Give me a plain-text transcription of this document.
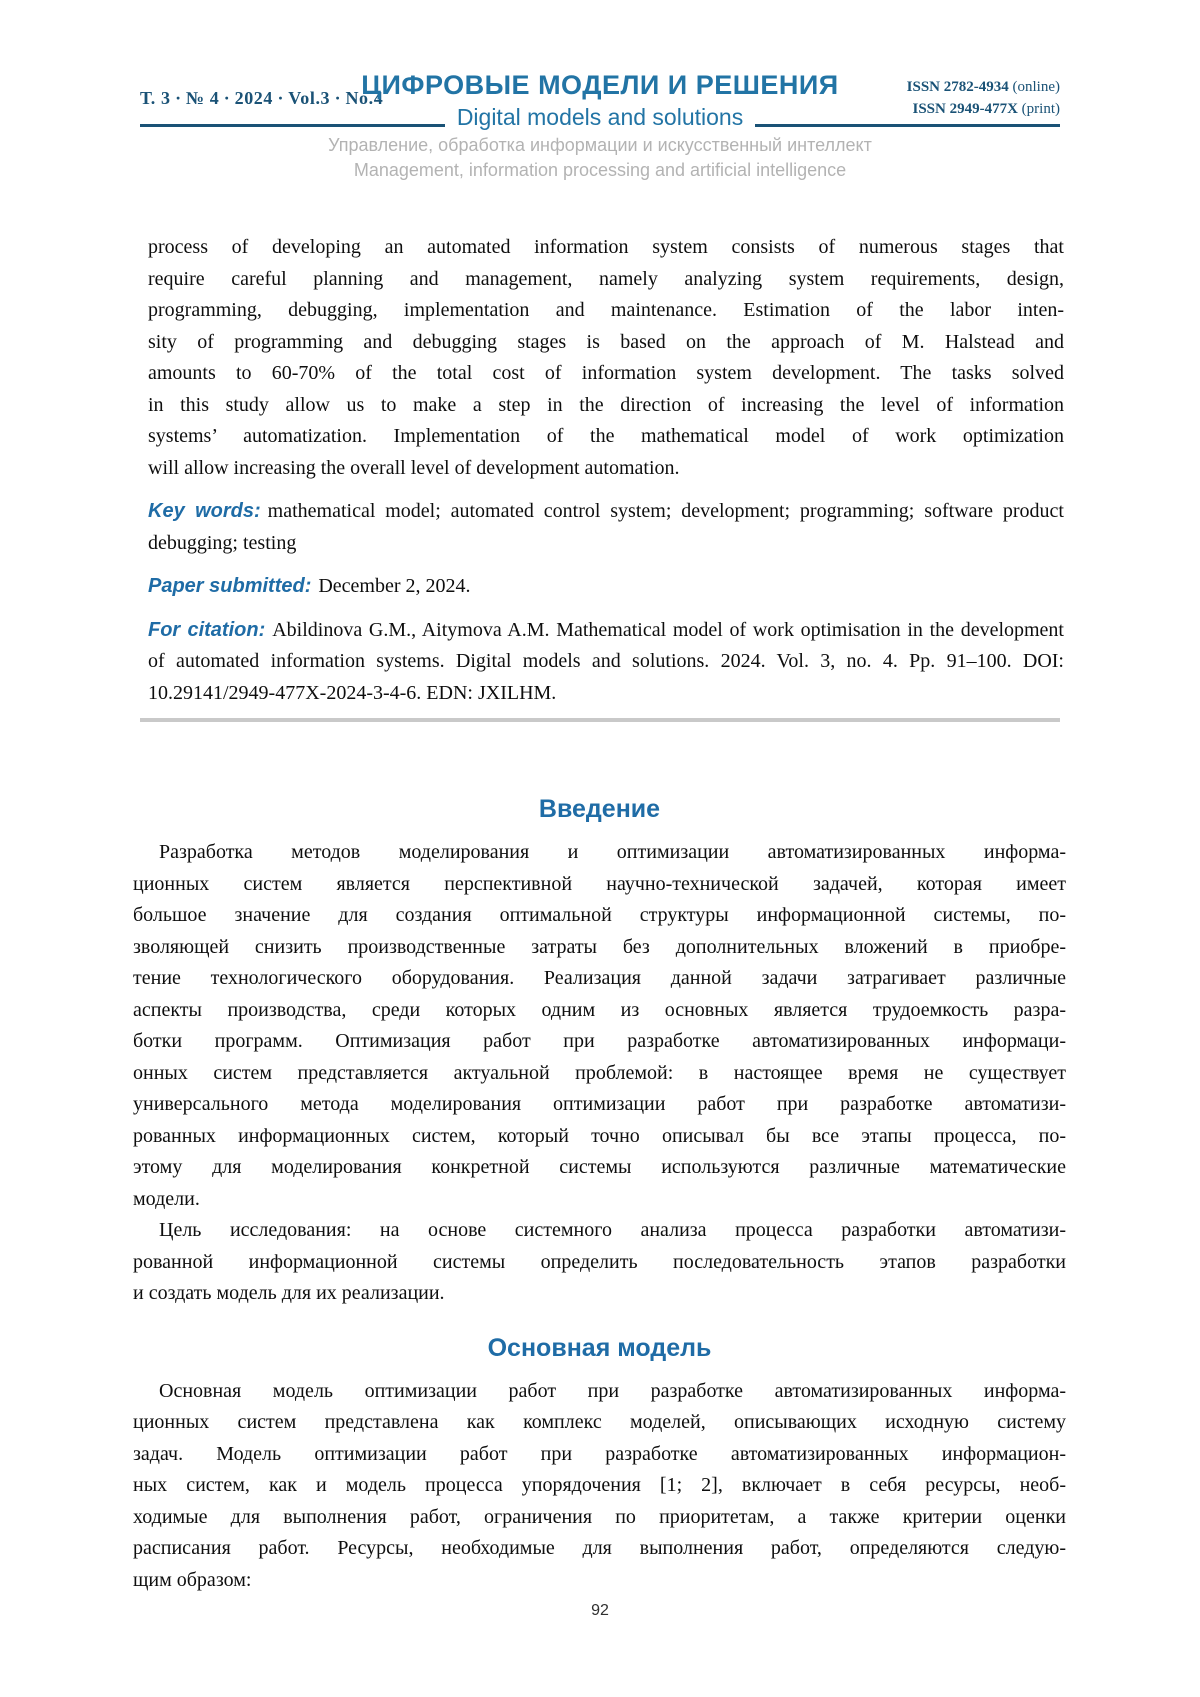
Т. 3 ∙ № 4 ∙ 2024 ∙ Vol.3 ∙ No.4
ЦИФРОВЫЕ МОДЕЛИ И РЕШЕНИЯ
Digital models and solutions
ISSN 2782-4934 (online)
ISSN 2949-477X (print)
Управление, обработка информации и искусственный интеллект
Management, information processing and artificial intelligence
process of developing an automated information system consists of numerous stages that
require careful planning and management, namely analyzing system requirements, design,
programming, debugging, implementation and maintenance. Estimation of the labor inten-
sity of programming and debugging stages is based on the approach of M. Halstead and
amounts to 60-70% of the total cost of information system development. The tasks solved
in this study allow us to make a step in the direction of increasing the level of information
systems’ automatization. Implementation of the mathematical model of work optimization
will allow increasing the overall level of development automation.

Key words: mathematical model; automated control system; development; programming; software product debugging; testing

Paper submitted: December 2, 2024.

For citation: Abildinova G.M., Aitymova A.M. Mathematical model of work optimisation in the development of automated information systems. Digital models and solutions. 2024. Vol. 3, no. 4. Pp. 91–100. DOI: 10.29141/2949-477X-2024-3-4-6. EDN: JXILHM.

Введение
Разработка методов моделирования и оптимизации автоматизированных информа-
ционных систем является перспективной научно-технической задачей, которая имеет
большое значение для создания оптимальной структуры информационной системы, по-
зволяющей снизить производственные затраты без дополнительных вложений в приобре-
тение технологического оборудования. Реализация данной задачи затрагивает различные
аспекты производства, среди которых одним из основных является трудоемкость разра-
ботки программ. Оптимизация работ при разработке автоматизированных информаци-
онных систем представляется актуальной проблемой: в настоящее время не существует
универсального метода моделирования оптимизации работ при разработке автоматизи-
рованных информационных систем, который точно описывал бы все этапы процесса, по-
этому для моделирования конкретной системы используются различные математические
модели.
Цель исследования: на основе системного анализа процесса разработки автоматизи-
рованной информационной системы определить последовательность этапов разработки
и создать модель для их реализации.
Основная модель
Основная модель оптимизации работ при разработке автоматизированных информа-
ционных систем представлена как комплекс моделей, описывающих исходную систему
задач. Модель оптимизации работ при разработке автоматизированных информацион-
ных систем, как и модель процесса упорядочения [1; 2], включает в себя ресурсы, необ-
ходимые для выполнения работ, ограничения по приоритетам, а также критерии оценки
расписания работ. Ресурсы, необходимые для выполнения работ, определяются следую-
щим образом:
92
